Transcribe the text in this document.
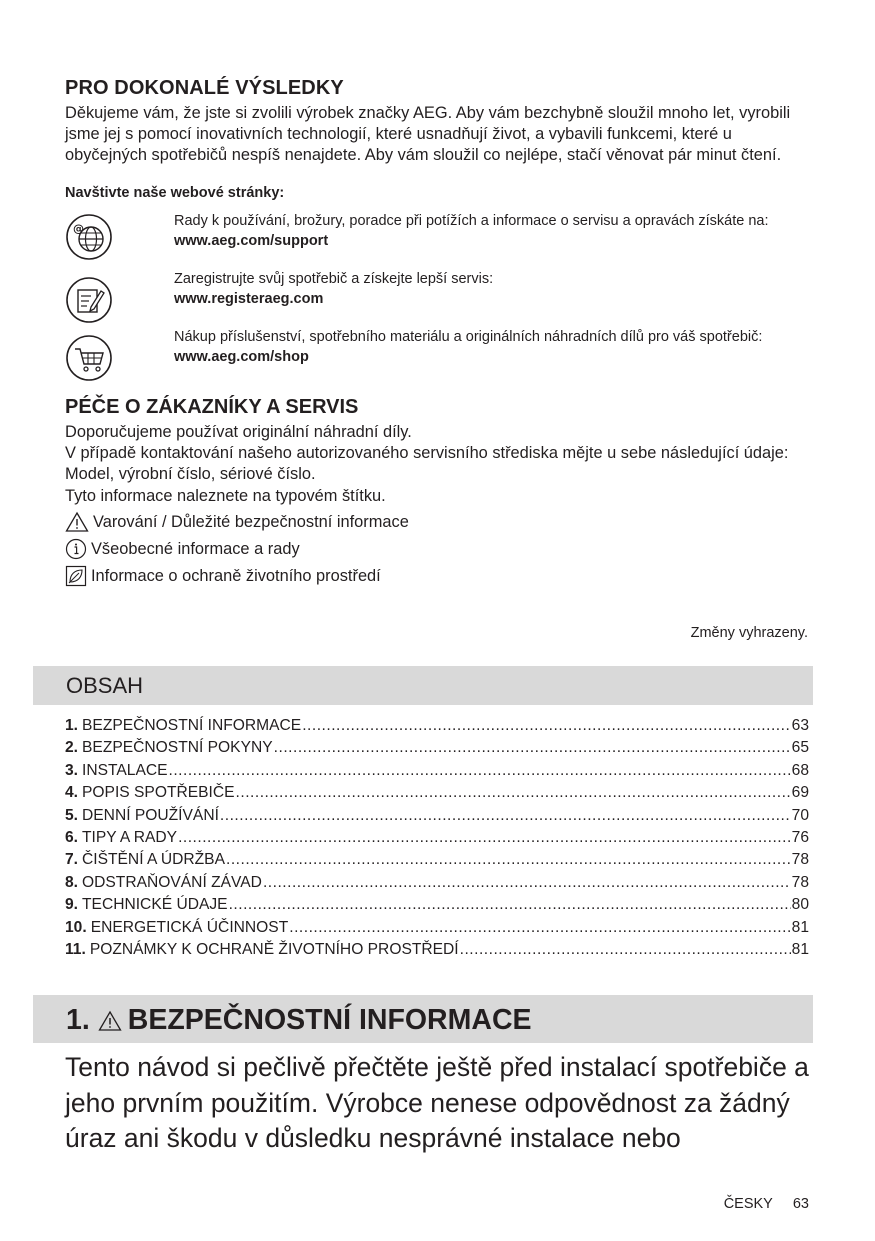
PRO DOKONALÉ VÝSLEDKY
Děkujeme vám, že jste si zvolili výrobek značky AEG. Aby vám bezchybně sloužil mnoho let, vyrobili jsme jej s pomocí inovativních technologií, které usnadňují život, a vybavili funkcemi, které u obyčejných spotřebičů nespíš nenajdete. Aby vám sloužil co nejlépe, stačí věnovat pár minut čtení.
Navštivte naše webové stránky:
@	Rady k používání, brožury, poradce při potížích a informace o servisu a opravách získáte na:
www.aeg.com/support
Zaregistrujte svůj spotřebič a získejte lepší servis:
www.registeraeg.com
Nákup příslušenství, spotřebního materiálu a originálních náhradních dílů pro váš spotřebič:
www.aeg.com/shop
PÉČE O ZÁKAZNÍKY A SERVIS
Doporučujeme používat originální náhradní díly.
V případě kontaktování našeho autorizovaného servisního střediska mějte u sebe následující údaje: Model, výrobní číslo, sériové číslo.
Tyto informace naleznete na typovém štítku.
Varování / Důležité bezpečnostní informace
Všeobecné informace a rady
Informace o ochraně životního prostředí
Změny vyhrazeny.
OBSAH
1. BEZPEČNOSTNÍ INFORMACE .....	63
2. BEZPEČNOSTNÍ POKYNY .....	65
3. INSTALACE .....	68
4. POPIS SPOTŘEBIČE .....	69
5. DENNÍ POUŽÍVÁNÍ .....	70
6. TIPY A RADY .....	76
7. ČIŠTĚNÍ A ÚDRŽBA .....	78
8. ODSTRAŇOVÁNÍ ZÁVAD .....	78
9. TECHNICKÉ ÚDAJE .....	80
10. ENERGETICKÁ ÚČINNOST .....	81
11. POZNÁMKY K OCHRANĚ ŽIVOTNÍHO PROSTŘEDÍ .....	81
1. BEZPEČNOSTNÍ INFORMACE
Tento návod si pečlivě přečtěte ještě před instalací spotřebiče a jeho prvním použitím. Výrobce nenese odpovědnost za žádný úraz ani škodu v důsledku nesprávné instalace nebo
ČESKY 63
